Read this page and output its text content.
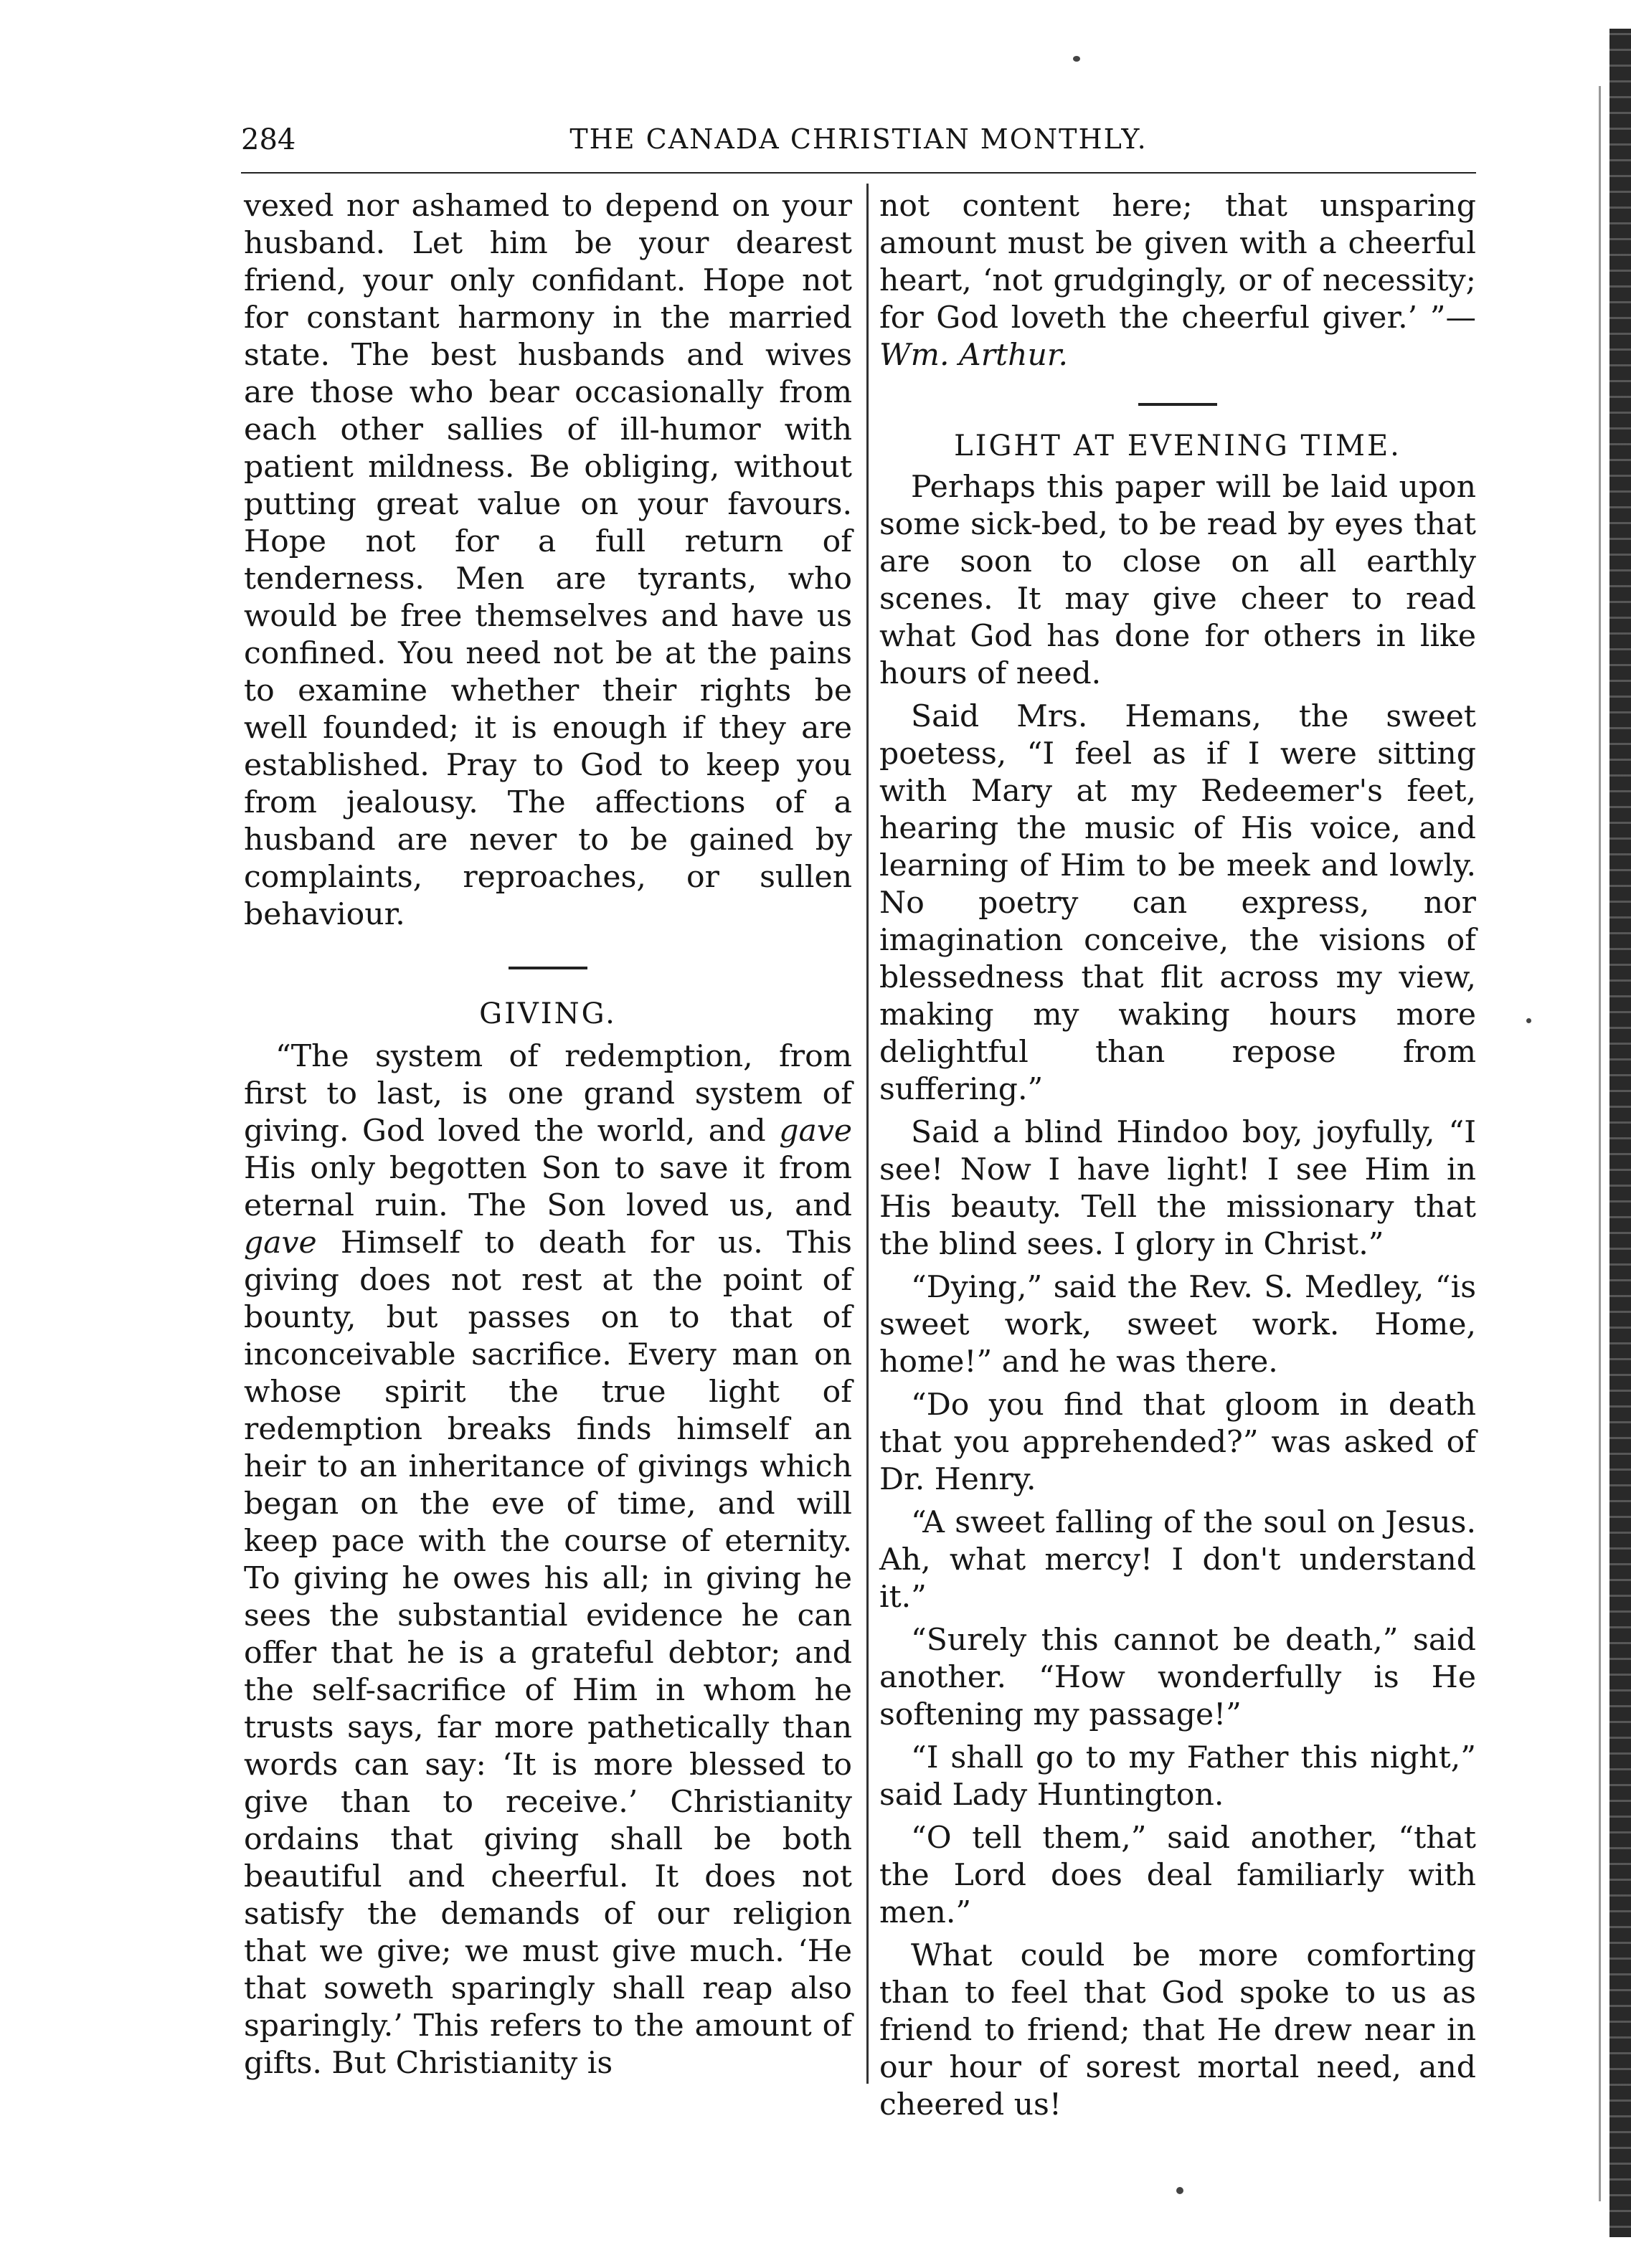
284	THE CANADA CHRISTIAN MONTHLY.

vexed nor ashamed to depend on your husband. Let him be your dearest friend, your only confidant. Hope not for constant harmony in the married state. The best husbands and wives are those who bear occasionally from each other sallies of ill-humor with patient mildness. Be obliging, without putting great value on your favours. Hope not for a full return of tenderness. Men are tyrants, who would be free themselves and have us confined. You need not be at the pains to examine whether their rights be well founded; it is enough if they are established. Pray to God to keep you from jealousy. The affections of a husband are never to be gained by complaints, reproaches, or sullen behaviour.

GIVING.

“The system of redemption, from first to last, is one grand system of giving. God loved the world, and gave His only begotten Son to save it from eternal ruin. The Son loved us, and gave Himself to death for us. This giving does not rest at the point of bounty, but passes on to that of inconceivable sacrifice. Every man on whose spirit the true light of redemption breaks finds himself an heir to an inheritance of givings which began on the eve of time, and will keep pace with the course of eternity. To giving he owes his all; in giving he sees the substantial evidence he can offer that he is a grateful debtor; and the self-sacrifice of Him in whom he trusts says, far more pathetically than words can say: ‘It is more blessed to give than to receive.’ Christianity ordains that giving shall be both beautiful and cheerful. It does not satisfy the demands of our religion that we give; we must give much. ‘He that soweth sparingly shall reap also sparingly.’ This refers to the amount of gifts. But Christianity is

not content here; that unsparing amount must be given with a cheerful heart, ‘not grudgingly, or of necessity; for God loveth the cheerful giver.’ ”—Wm. Arthur.

LIGHT AT EVENING TIME.

Perhaps this paper will be laid upon some sick-bed, to be read by eyes that are soon to close on all earthly scenes. It may give cheer to read what God has done for others in like hours of need.

Said Mrs. Hemans, the sweet poetess, “I feel as if I were sitting with Mary at my Redeemer's feet, hearing the music of His voice, and learning of Him to be meek and lowly. No poetry can express, nor imagination conceive, the visions of blessedness that flit across my view, making my waking hours more delightful than repose from suffering.”

Said a blind Hindoo boy, joyfully, “I see! Now I have light! I see Him in His beauty. Tell the missionary that the blind sees. I glory in Christ.”

“Dying,” said the Rev. S. Medley, “is sweet work, sweet work. Home, home!” and he was there.

“Do you find that gloom in death that you apprehended?” was asked of Dr. Henry.

“A sweet falling of the soul on Jesus. Ah, what mercy! I don't understand it.”

“Surely this cannot be death,” said another. “How wonderfully is He softening my passage!”

“I shall go to my Father this night,” said Lady Huntington.

“O tell them,” said another, “that the Lord does deal familiarly with men.”

What could be more comforting than to feel that God spoke to us as friend to friend; that He drew near in our hour of sorest mortal need, and cheered us!
